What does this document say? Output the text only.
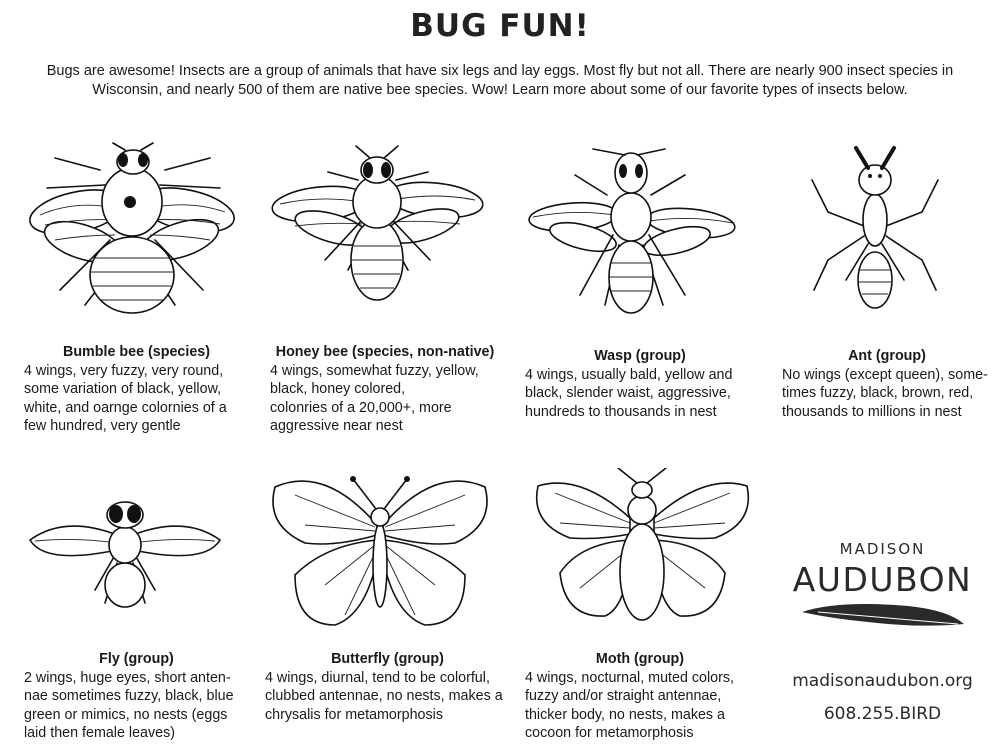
BUG FUN!
Bugs are awesome! Insects are a group of animals that have six legs and lay eggs. Most fly but not all. There are nearly 900 insect species in Wisconsin, and nearly 500 of them are native bee species. Wow! Learn more about some of our favorite types of insects below.
Bumble bee (species)
4 wings, very fuzzy, very round,
some variation of black, yellow,
white, and oarnge colornies of a
few hundred, very gentle
Honey bee (species, non-native)
4 wings, somewhat fuzzy, yellow,
black, honey colored,
colonries of a 20,000+, more
aggressive near nest
Wasp (group)
4 wings, usually bald, yellow and
black, slender waist, aggressive,
hundreds to thousands in nest
Ant (group)
No wings (except queen), some-
times fuzzy, black, brown, red,
thousands to millions in nest
Fly (group)
2 wings, huge eyes, short anten-
nae sometimes fuzzy, black, blue
green or mimics, no nests (eggs
laid then female leaves)
Butterfly (group)
4 wings, diurnal, tend to be colorful,
clubbed antennae, no nests, makes a
chrysalis for metamorphosis
Moth (group)
4 wings, nocturnal, muted colors,
fuzzy and/or straight antennae,
thicker body, no nests, makes a
cocoon for metamorphosis
MADISON
AUDUBON
madisonaudubon.org
608.255.BIRD
